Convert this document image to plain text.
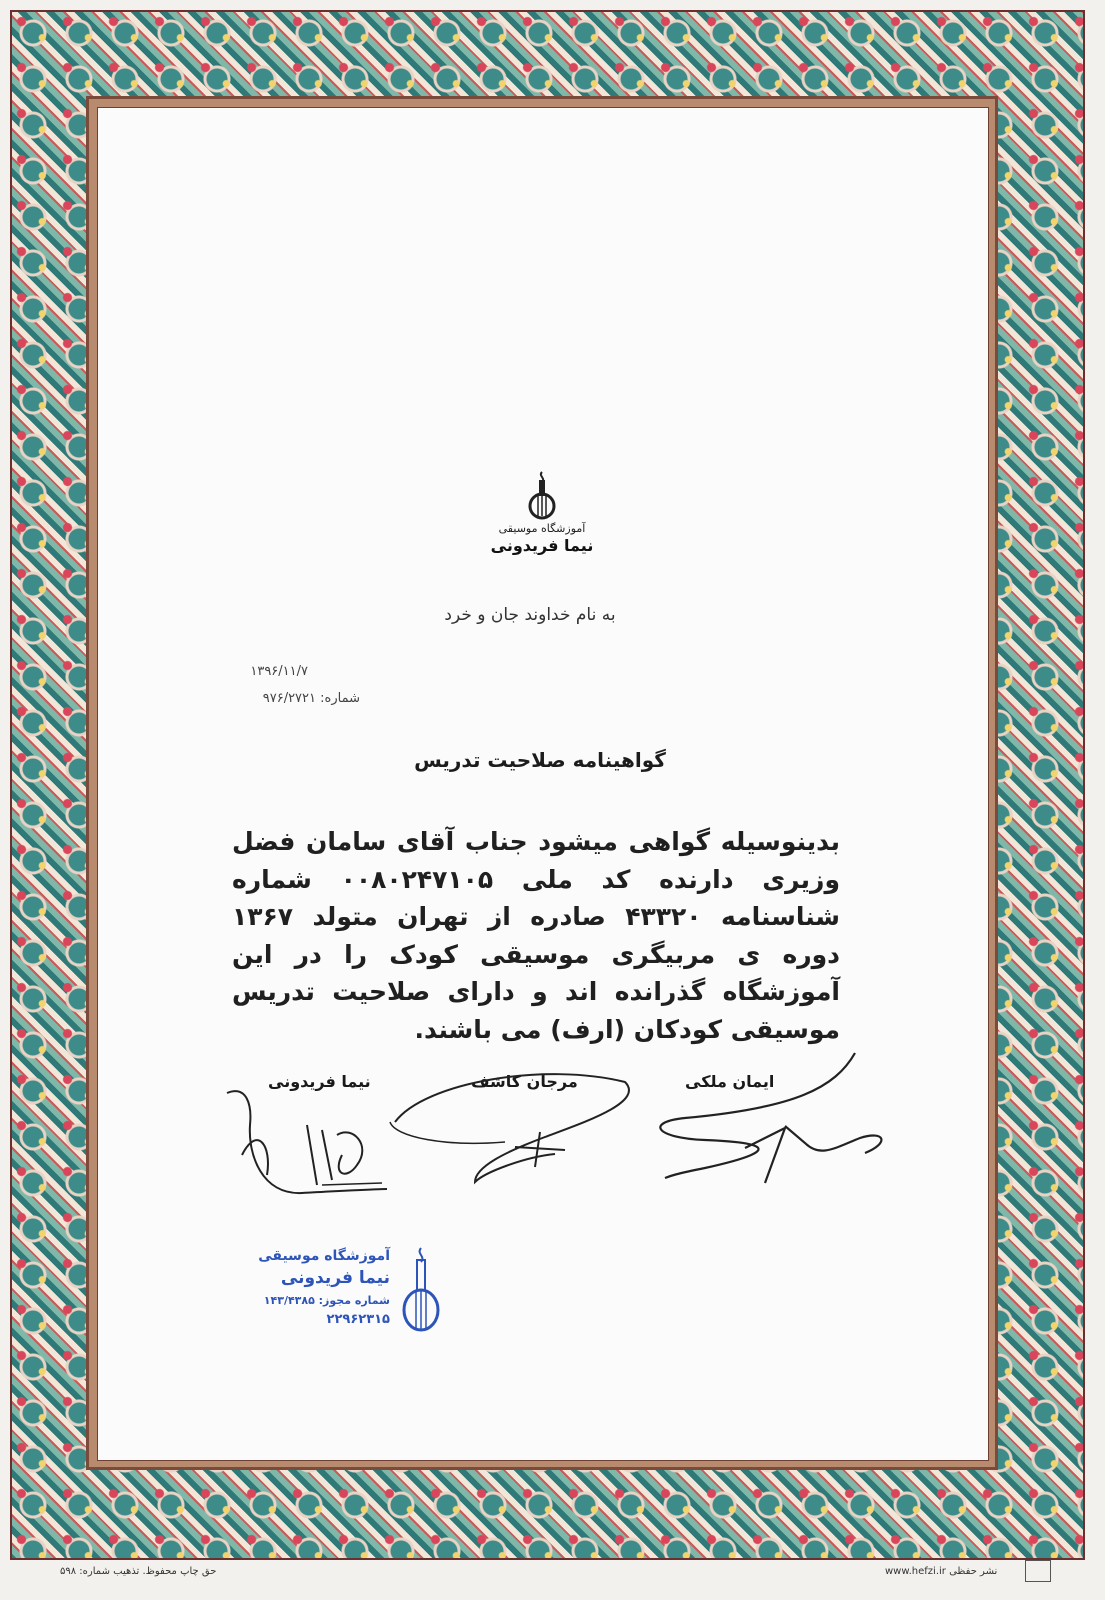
آموزشگاه موسیقی
نیما فریدونی
به نام خداوند جان و خرد
۱۳۹۶/۱۱/۷
شماره: ۹۷۶/۲۷۲۱
گواهینامه صلاحیت تدریس
بدینوسیله گواهی میشود جناب آقای سامان فضل وزیری دارنده کد ملی ۰۰۸۰۲۴۷۱۰۵ شماره شناسنامه ۴۳۳۲۰ صادره از تهران متولد ۱۳۶۷ دوره ی مربیگری موسیقی کودک را در این آموزشگاه گذرانده اند و دارای صلاحیت تدریس موسیقی کودکان (ارف) می باشند.
نیما فریدونی	مرجان کاشف	ایمان ملکی
آموزشگاه موسیقی
نیما فریدونی
شماره مجوز: ۱۴۳/۴۳۸۵
۲۲۹۶۲۳۱۵
حق چاپ محفوظ. تذهیب شماره: ۵۹۸	www.hefzi.ir نشر حفظی
